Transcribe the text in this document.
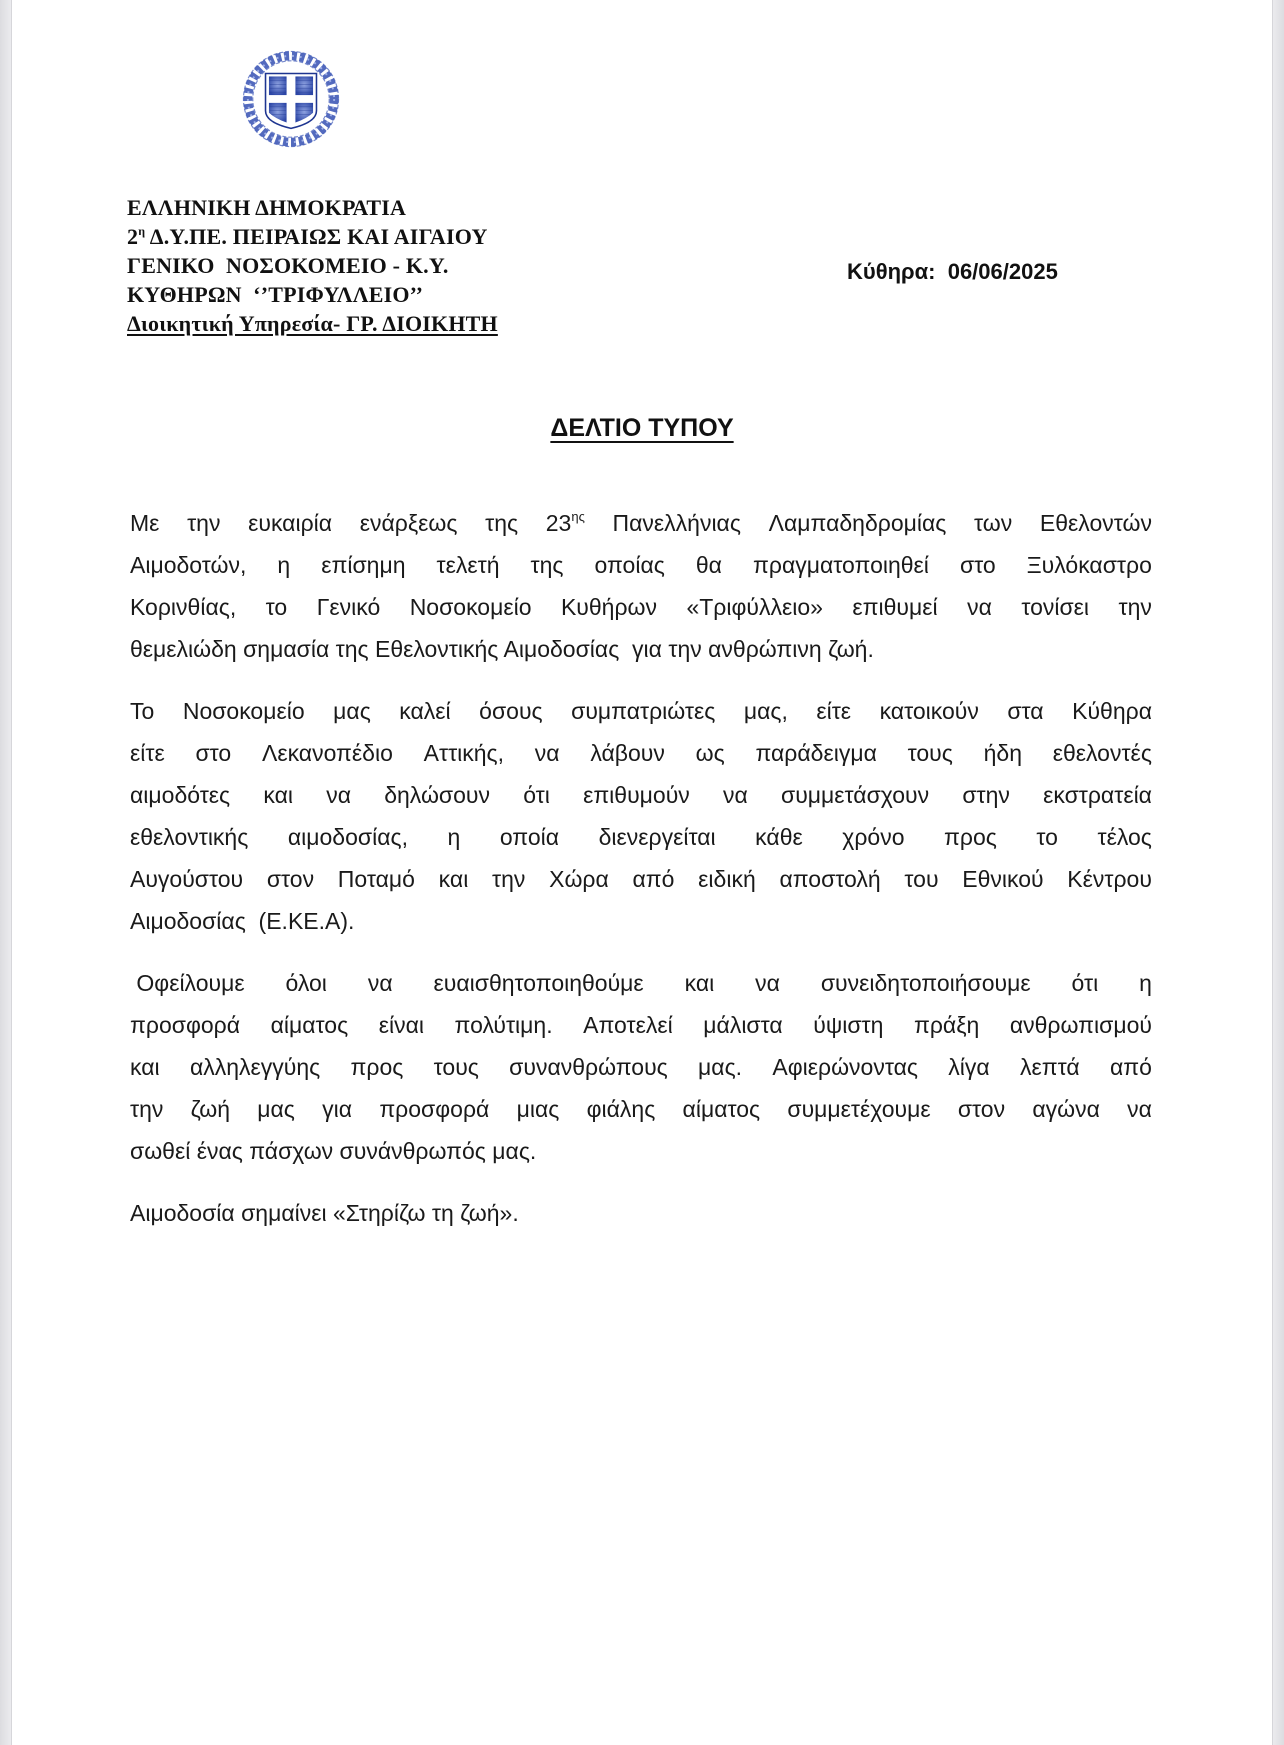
ΕΛΛΗΝΙΚΗ ΔΗΜΟΚΡΑΤΙΑ
$2^\eta$ Δ.Υ.ΠΕ. ΠΕΙΡΑΙΩΣ ΚΑΙ ΑΙΓΑΙΟΥ
ΓΕΝΙΚΟ  ΝΟΣΟΚΟΜΕΙΟ - Κ.Υ.
ΚΥΘΗΡΩΝ  ‘’ΤΡΙΦΥΛΛΕΙΟ’’
Διοικητική Υπηρεσία- ΓΡ. ΔΙΟΙΚΗΤΗ
Κύθηρα:  06/06/2025
ΔΕΛΤΙΟ ΤΥΠΟΥ
Με την ευκαιρία ενάρξεως της $23^{\eta\varsigma}$ Πανελλήνιας Λαμπαδηδρομίας των Εθελοντών
Αιμοδοτών, η επίσημη τελετή της οποίας θα πραγματοποιηθεί στο Ξυλόκαστρο
Κορινθίας, το Γενικό Νοσοκομείο Κυθήρων «Τριφύλλειο» επιθυμεί να τονίσει την
θεμελιώδη σημασία της Εθελοντικής Αιμοδοσίας  για την ανθρώπινη ζωή.
Το Νοσοκομείο μας καλεί όσους συμπατριώτες μας, είτε κατοικούν στα Κύθηρα
είτε στο Λεκανοπέδιο Αττικής, να λάβουν ως παράδειγμα τους ήδη εθελοντές
αιμοδότες και να δηλώσουν ότι επιθυμούν να συμμετάσχουν στην εκστρατεία
εθελοντικής αιμοδοσίας, η οποία διενεργείται κάθε χρόνο προς το τέλος
Αυγούστου στον Ποταμό και την Χώρα από ειδική αποστολή του Εθνικού Κέντρου
Αιμοδοσίας  (Ε.ΚΕ.Α).
Οφείλουμε όλοι να ευαισθητοποιηθούμε και να συνειδητοποιήσουμε ότι η
προσφορά αίματος είναι πολύτιμη. Αποτελεί μάλιστα ύψιστη πράξη ανθρωπισμού
και αλληλεγγύης προς τους συνανθρώπους μας. Αφιερώνοντας λίγα λεπτά από
την ζωή μας για προσφορά μιας φιάλης αίματος συμμετέχουμε στον αγώνα να
σωθεί ένας πάσχων συνάνθρωπός μας.
Αιμοδοσία σημαίνει «Στηρίζω τη ζωή».
